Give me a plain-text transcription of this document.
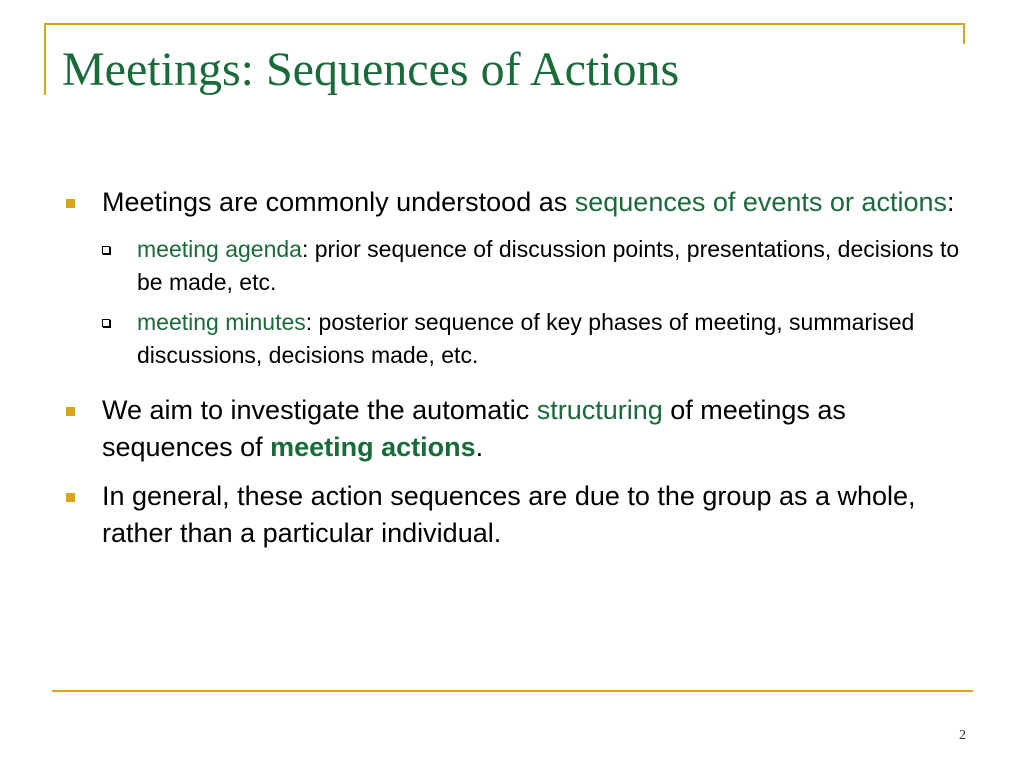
Meetings: Sequences of Actions
Meetings are commonly understood as sequences of events or actions:
meeting agenda: prior sequence of discussion points, presentations, decisions to be made, etc.
meeting minutes: posterior sequence of key phases of meeting, summarised discussions, decisions made, etc.
We aim to investigate the automatic structuring of meetings as sequences of meeting actions.
In general, these action sequences are due to the group as a whole, rather than a particular individual.
2
